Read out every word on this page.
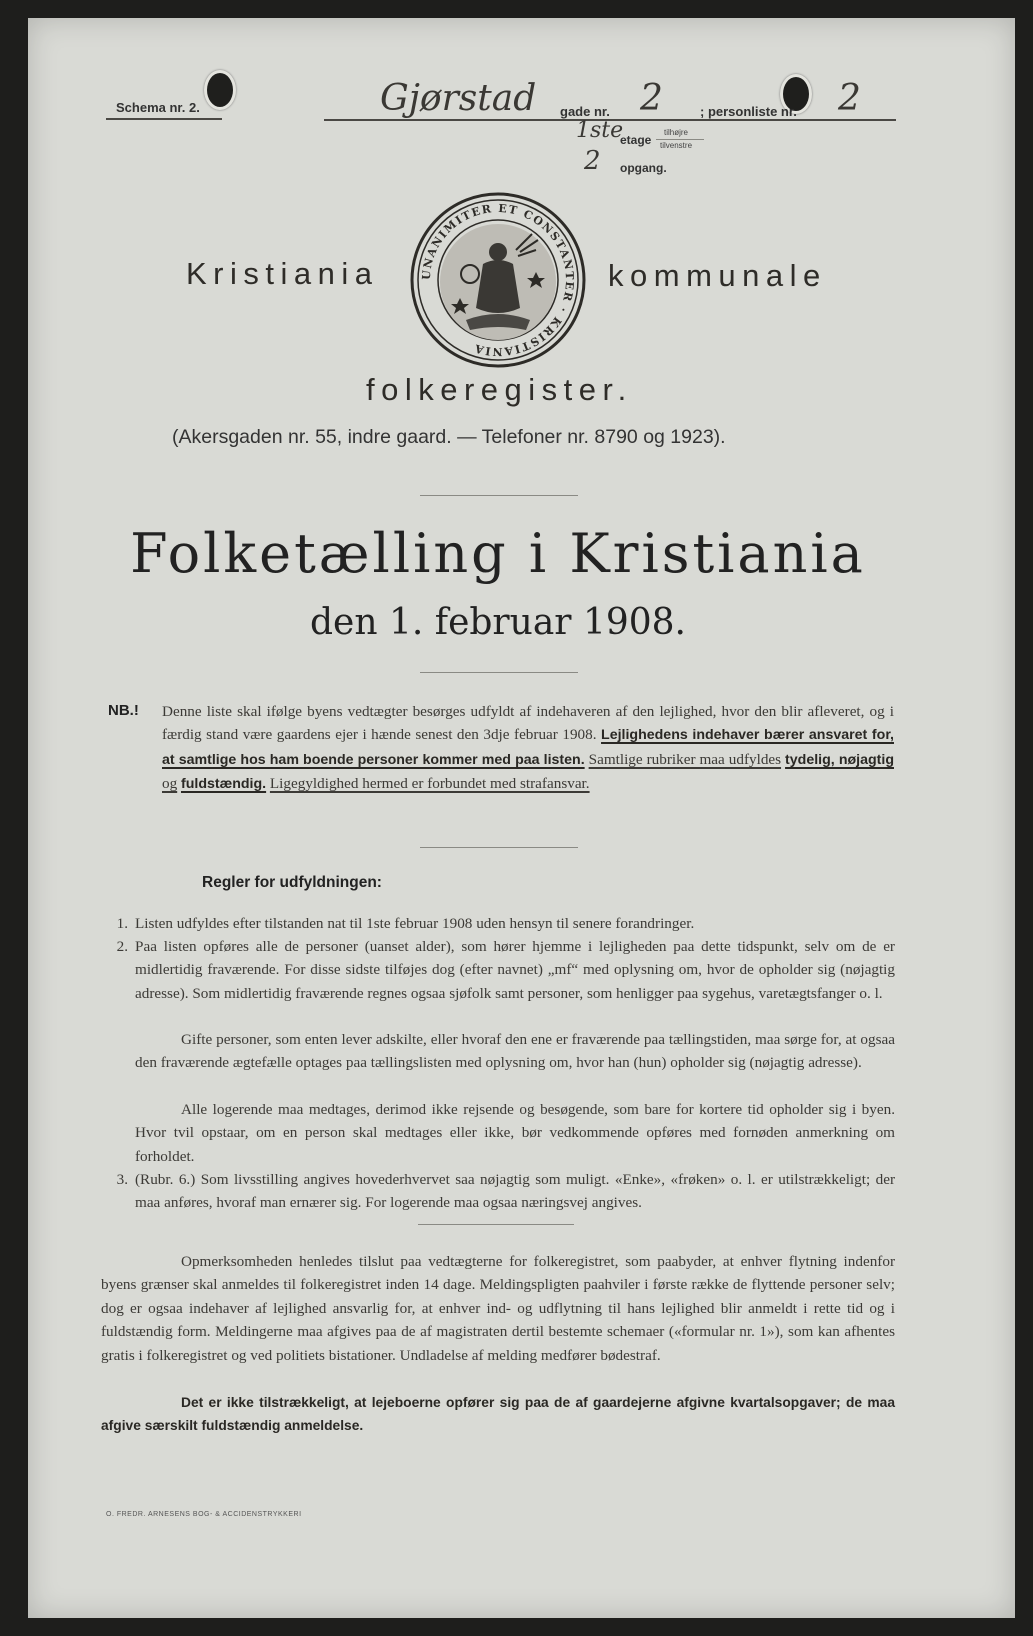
Schema nr. 2.	Gjørstad gade nr. 2	; personliste nr. 2
1ste
etage
tilhøjre
tilvenstre
2 opgang.
Kristiania	UNANIMITER ET CONSTANTER · KRISTIANIA
kommunale
folkeregister.
(Akersgaden nr. 55, indre gaard. — Telefoner nr. 8790 og 1923).
Folketælling i Kristiania
den 1. februar 1908.
NB.! Denne liste skal ifølge byens vedtægter besørges udfyldt af indehaveren af den lejlighed, hvor den blir afleveret, og i færdig stand være gaardens ejer i hænde senest den 3dje februar 1908. Lejlighedens indehaver bærer ansvaret for, at samtlige hos ham boende personer kommer med paa listen. Samtlige rubriker maa udfyldes tydelig, nøjagtig og fuldstændig. Ligegyldighed hermed er forbundet med strafansvar.
Regler for udfyldningen:
1. Listen udfyldes efter tilstanden nat til 1ste februar 1908 uden hensyn til senere forandringer.
2. Paa listen opføres alle de personer (uanset alder), som hører hjemme i lejligheden paa dette tidspunkt, selv om de er midlertidig fraværende. For disse sidste tilføjes dog (efter navnet) „mf“ med oplysning om, hvor de opholder sig (nøjagtig adresse). Som midlertidig fraværende regnes ogsaa sjøfolk samt personer, som henligger paa sygehus, varetægtsfanger o. l.
Gifte personer, som enten lever adskilte, eller hvoraf den ene er fraværende paa tællingstiden, maa sørge for, at ogsaa den fraværende ægtefælle optages paa tællingslisten med oplysning om, hvor han (hun) opholder sig (nøjagtig adresse).
Alle logerende maa medtages, derimod ikke rejsende og besøgende, som bare for kortere tid opholder sig i byen. Hvor tvil opstaar, om en person skal medtages eller ikke, bør vedkommende opføres med fornøden anmerkning om forholdet.
3. (Rubr. 6.) Som livsstilling angives hovederhvervet saa nøjagtig som muligt. «Enke», «frøken» o. l. er utilstrækkeligt; der maa anføres, hvoraf man ernærer sig. For logerende maa ogsaa næringsvej angives.
Opmerksomheden henledes tilslut paa vedtægterne for folkeregistret, som paabyder, at enhver flytning indenfor byens grænser skal anmeldes til folkeregistret inden 14 dage. Meldingspligten paahviler i første række de flyttende personer selv; dog er ogsaa indehaver af lejlighed ansvarlig for, at enhver ind- og udflytning til hans lejlighed blir anmeldt i rette tid og i fuldstændig form. Meldingerne maa afgives paa de af magistraten dertil bestemte schemaer («formular nr. 1»), som kan afhentes gratis i folkeregistret og ved politiets bistationer. Undladelse af melding medfører bødestraf.
Det er ikke tilstrækkeligt, at lejeboerne opfører sig paa de af gaardejerne afgivne kvartalsopgaver; de maa afgive særskilt fuldstændig anmeldelse.
O. FREDR. ARNESENS BOG- & ACCIDENSTRYKKERI
